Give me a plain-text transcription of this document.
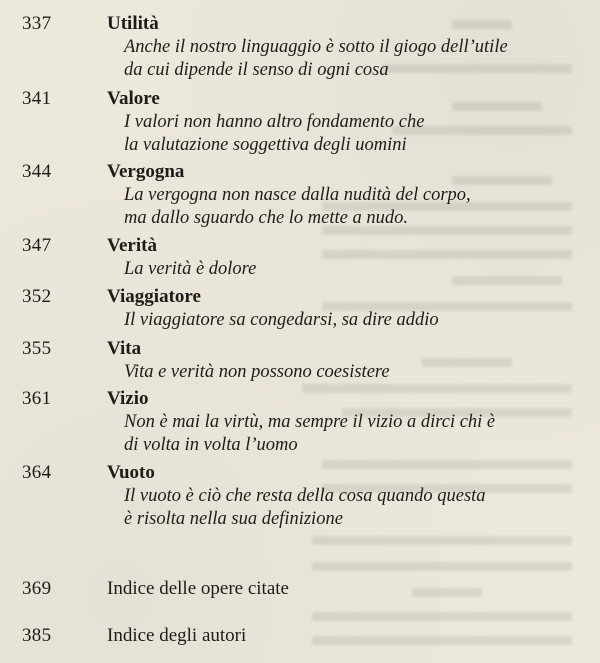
337	Utilità
Anche il nostro linguaggio è sotto il giogo dell’utile
da cui dipende il senso di ogni cosa
341	Valore
I valori non hanno altro fondamento che
la valutazione soggettiva degli uomini
344	Vergogna
La vergogna non nasce dalla nudità del corpo,
ma dallo sguardo che lo mette a nudo.
347	Verità
La verità è dolore
352	Viaggiatore
Il viaggiatore sa congedarsi, sa dire addio
355	Vita
Vita e verità non possono coesistere
361	Vizio
Non è mai la virtù, ma sempre il vizio a dirci chi è
di volta in volta l’uomo
364	Vuoto
Il vuoto è ciò che resta della cosa quando questa
è risolta nella sua definizione
369	Indice delle opere citate
385	Indice degli autori
